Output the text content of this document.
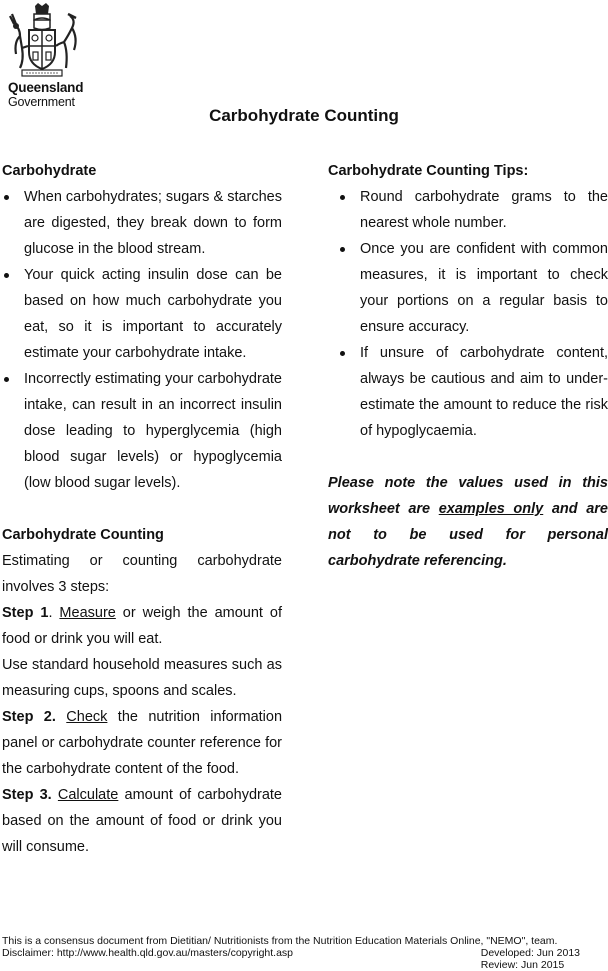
Queensland
Government
Carbohydrate Counting
Carbohydrate
When carbohydrates; sugars & starches are digested, they break down to form glucose in the blood stream.
Your quick acting insulin dose can be based on how much carbohydrate you eat, so it is important to accurately estimate your carbohydrate intake.
Incorrectly estimating your carbohydrate intake, can result in an incorrect insulin dose leading to hyperglycemia (high blood sugar levels) or hypoglycemia (low blood sugar levels).
Carbohydrate Counting

Estimating or counting carbohydrate involves 3 steps:

Step 1. Measure or weigh the amount of food or drink you will eat.

Use standard household measures such as measuring cups, spoons and scales.

Step 2. Check the nutrition information panel or carbohydrate counter reference for the carbohydrate content of the food.

Step 3. Calculate amount of carbohydrate based on the amount of food or drink you will consume.

Carbohydrate Counting Tips:
Round carbohydrate grams to the nearest whole number.
Once you are confident with common measures, it is important to check your portions on a regular basis to ensure accuracy.
If unsure of carbohydrate content, always be cautious and aim to under-estimate the amount to reduce the risk of hypoglycaemia.

Please note the values used in this worksheet are examples only and are not to be used for personal carbohydrate referencing.

This is a consensus document from Dietitian/ Nutritionists from the Nutrition Education Materials Online, "NEMO", team.
Disclaimer: http://www.health.qld.gov.au/masters/copyright.asp	Developed: Jun 2013
Review: Jun 2015
